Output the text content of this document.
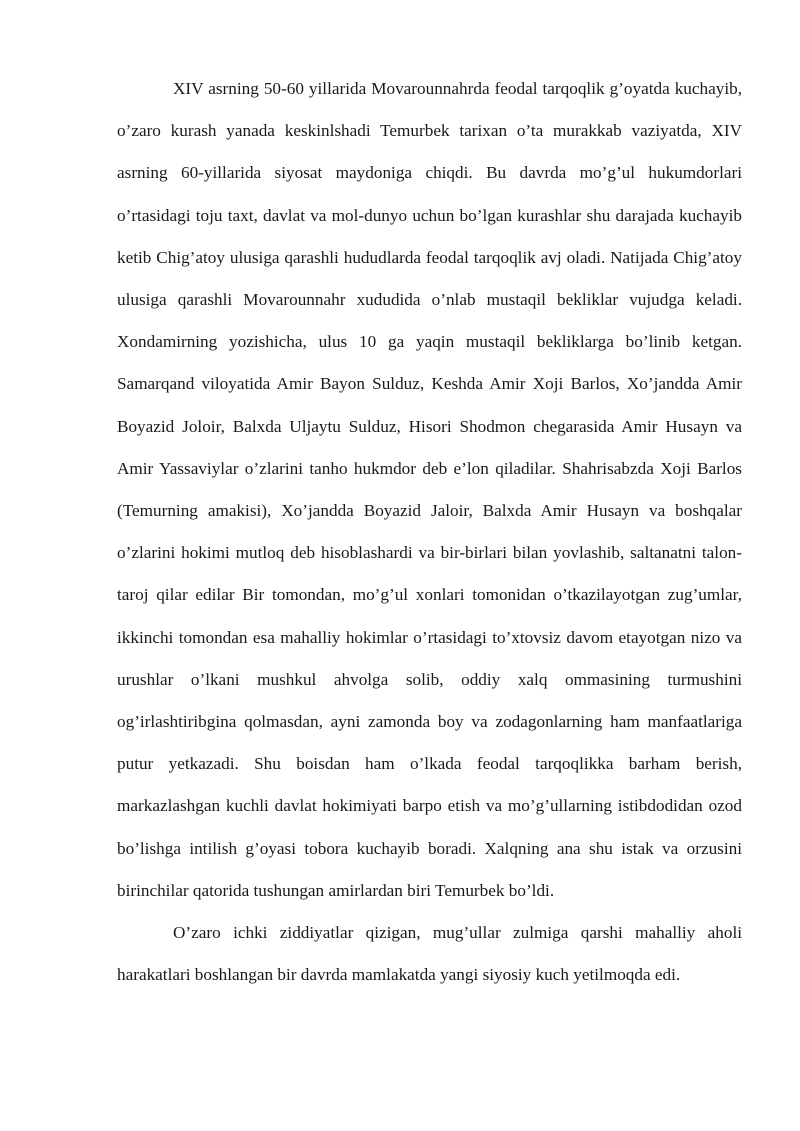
XIV asrning 50-60 yillarida Movarounnahrda feodal tarqoqlik g’oyatda kuchayib, o’zaro kurash yanada keskinlshadi Temurbek tarixan o’ta murakkab vaziyatda, XIV asrning 60-yillarida siyosat maydoniga chiqdi. Bu davrda mo’g’ul hukumdorlari o’rtasidagi toju taxt, davlat va mol-dunyo uchun bo’lgan kurashlar shu darajada kuchayib ketib Chig’atoy ulusiga qarashli hududlarda feodal tarqoqlik avj oladi. Natijada Chig’atoy ulusiga qarashli Movarounnahr xududida o’nlab mustaqil bekliklar vujudga keladi. Xondamirning yozishicha, ulus 10 ga yaqin mustaqil bekliklarga bo’linib ketgan. Samarqand viloyatida Amir Bayon Sulduz, Keshda Amir Xoji Barlos, Xo’jandda Amir Boyazid Joloir, Balxda Uljaytu Sulduz, Hisori Shodmon chegarasida Amir Husayn va Amir Yassaviylar o’zlarini tanho hukmdor deb e’lon qiladilar. Shahrisabzda Xoji Barlos (Temurning amakisi), Xo’jandda Boyazid Jaloir, Balxda Amir Husayn va boshqalar o’zlarini hokimi mutloq deb hisoblashardi va bir-birlari bilan yovlashib, saltanatni talon-taroj qilar edilar Bir tomondan, mo’g’ul xonlari tomonidan o’tkazilayotgan zug’umlar, ikkinchi tomondan esa mahalliy hokimlar o’rtasidagi to’xtovsiz davom etayotgan nizo va urushlar o’lkani mushkul ahvolga solib, oddiy xalq ommasining turmushini og’irlashtiribgina qolmasdan, ayni zamonda boy va zodagonlarning ham manfaatlariga putur yetkazadi. Shu boisdan ham o’lkada feodal tarqoqlikka barham berish, markazlashgan kuchli davlat hokimiyati barpo etish va mo’g’ullarning istibdodidan ozod bo’lishga intilish g’oyasi tobora kuchayib boradi. Xalqning ana shu istak va orzusini birinchilar qatorida tushungan amirlardan biri Temurbek bo’ldi.

O’zaro ichki ziddiyatlar qizigan, mug’ullar zulmiga qarshi mahalliy aholi harakatlari boshlangan bir davrda mamlakatda yangi siyosiy kuch yetilmoqda edi.
